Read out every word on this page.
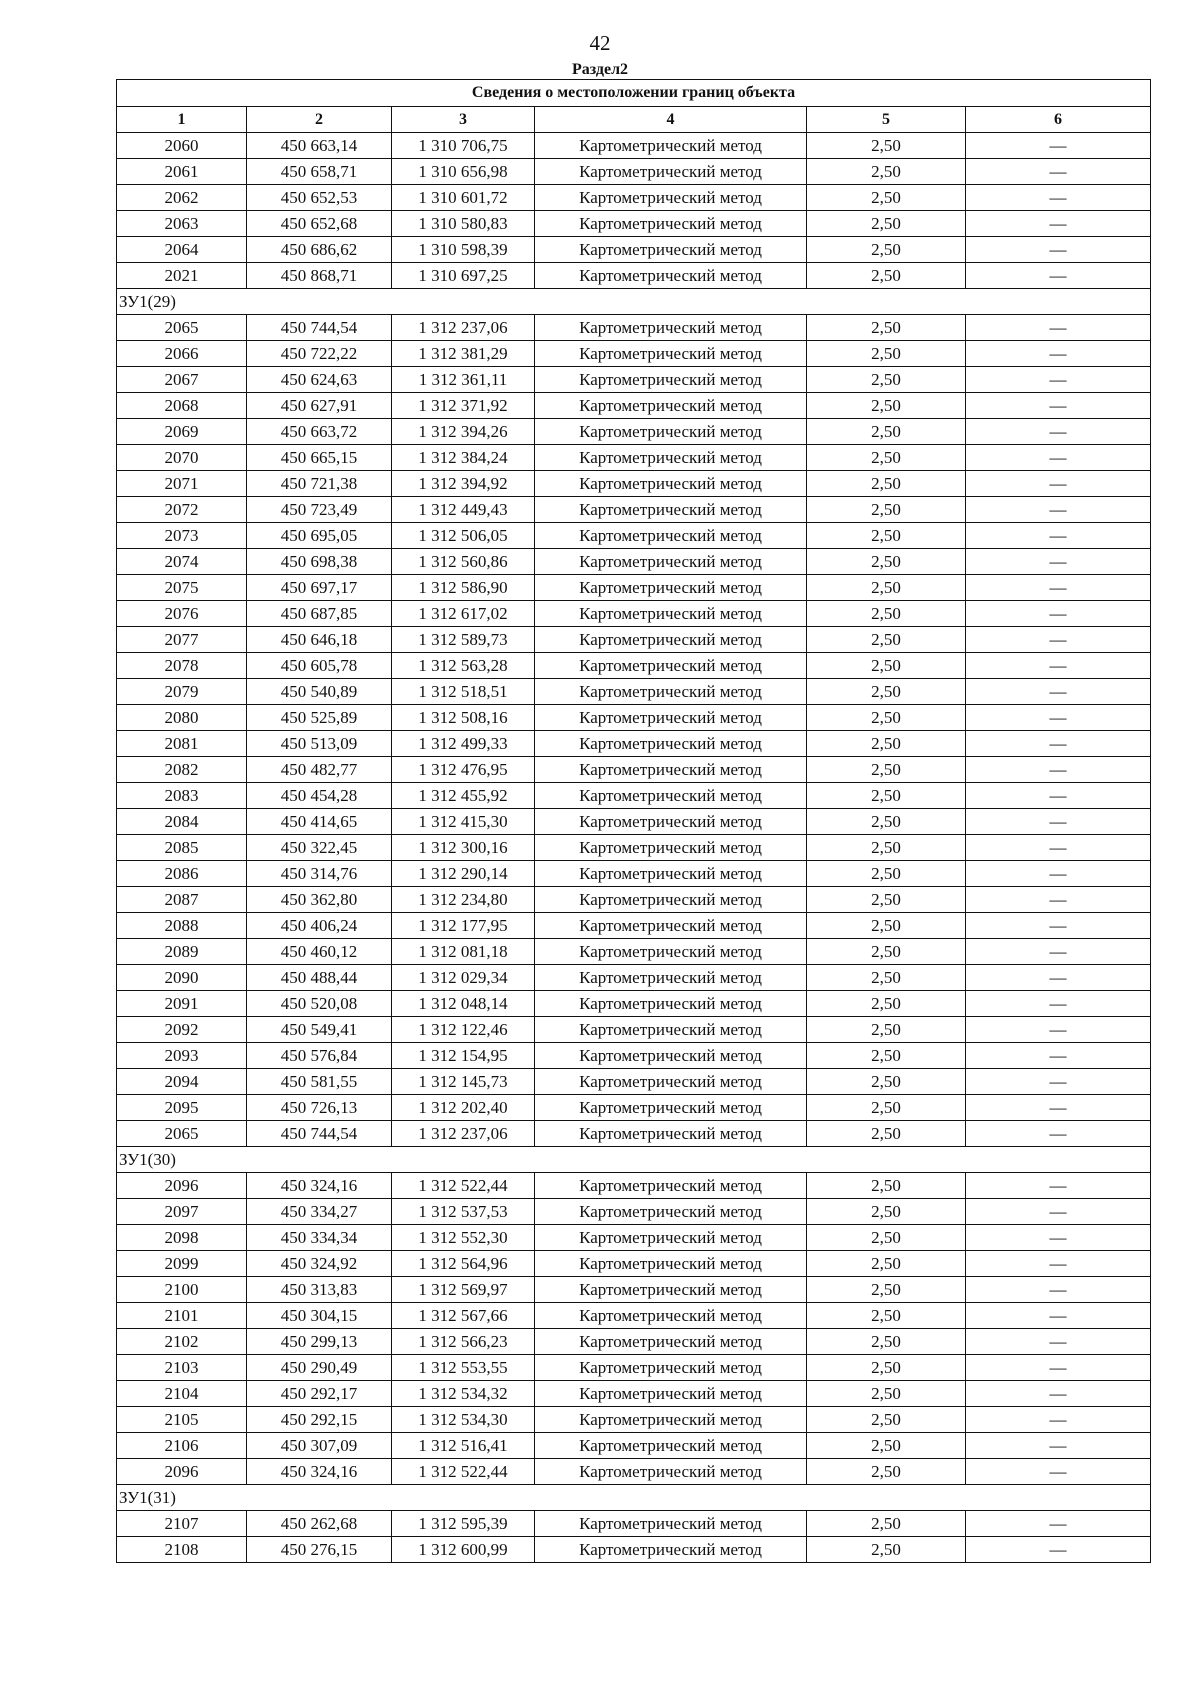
42
Раздел2
Сведения о местоположении границ объекта					
1	2	3	4	5	6
2060	450 663,14	1 310 706,75	Картометрический метод	2,50	—
2061	450 658,71	1 310 656,98	Картометрический метод	2,50	—
2062	450 652,53	1 310 601,72	Картометрический метод	2,50	—
2063	450 652,68	1 310 580,83	Картометрический метод	2,50	—
2064	450 686,62	1 310 598,39	Картометрический метод	2,50	—
2021	450 868,71	1 310 697,25	Картометрический метод	2,50	—
ЗУ1(29)					
2065	450 744,54	1 312 237,06	Картометрический метод	2,50	—
2066	450 722,22	1 312 381,29	Картометрический метод	2,50	—
2067	450 624,63	1 312 361,11	Картометрический метод	2,50	—
2068	450 627,91	1 312 371,92	Картометрический метод	2,50	—
2069	450 663,72	1 312 394,26	Картометрический метод	2,50	—
2070	450 665,15	1 312 384,24	Картометрический метод	2,50	—
2071	450 721,38	1 312 394,92	Картометрический метод	2,50	—
2072	450 723,49	1 312 449,43	Картометрический метод	2,50	—
2073	450 695,05	1 312 506,05	Картометрический метод	2,50	—
2074	450 698,38	1 312 560,86	Картометрический метод	2,50	—
2075	450 697,17	1 312 586,90	Картометрический метод	2,50	—
2076	450 687,85	1 312 617,02	Картометрический метод	2,50	—
2077	450 646,18	1 312 589,73	Картометрический метод	2,50	—
2078	450 605,78	1 312 563,28	Картометрический метод	2,50	—
2079	450 540,89	1 312 518,51	Картометрический метод	2,50	—
2080	450 525,89	1 312 508,16	Картометрический метод	2,50	—
2081	450 513,09	1 312 499,33	Картометрический метод	2,50	—
2082	450 482,77	1 312 476,95	Картометрический метод	2,50	—
2083	450 454,28	1 312 455,92	Картометрический метод	2,50	—
2084	450 414,65	1 312 415,30	Картометрический метод	2,50	—
2085	450 322,45	1 312 300,16	Картометрический метод	2,50	—
2086	450 314,76	1 312 290,14	Картометрический метод	2,50	—
2087	450 362,80	1 312 234,80	Картометрический метод	2,50	—
2088	450 406,24	1 312 177,95	Картометрический метод	2,50	—
2089	450 460,12	1 312 081,18	Картометрический метод	2,50	—
2090	450 488,44	1 312 029,34	Картометрический метод	2,50	—
2091	450 520,08	1 312 048,14	Картометрический метод	2,50	—
2092	450 549,41	1 312 122,46	Картометрический метод	2,50	—
2093	450 576,84	1 312 154,95	Картометрический метод	2,50	—
2094	450 581,55	1 312 145,73	Картометрический метод	2,50	—
2095	450 726,13	1 312 202,40	Картометрический метод	2,50	—
2065	450 744,54	1 312 237,06	Картометрический метод	2,50	—
ЗУ1(30)					
2096	450 324,16	1 312 522,44	Картометрический метод	2,50	—
2097	450 334,27	1 312 537,53	Картометрический метод	2,50	—
2098	450 334,34	1 312 552,30	Картометрический метод	2,50	—
2099	450 324,92	1 312 564,96	Картометрический метод	2,50	—
2100	450 313,83	1 312 569,97	Картометрический метод	2,50	—
2101	450 304,15	1 312 567,66	Картометрический метод	2,50	—
2102	450 299,13	1 312 566,23	Картометрический метод	2,50	—
2103	450 290,49	1 312 553,55	Картометрический метод	2,50	—
2104	450 292,17	1 312 534,32	Картометрический метод	2,50	—
2105	450 292,15	1 312 534,30	Картометрический метод	2,50	—
2106	450 307,09	1 312 516,41	Картометрический метод	2,50	—
2096	450 324,16	1 312 522,44	Картометрический метод	2,50	—
ЗУ1(31)					
2107	450 262,68	1 312 595,39	Картометрический метод	2,50	—
2108	450 276,15	1 312 600,99	Картометрический метод	2,50	—
